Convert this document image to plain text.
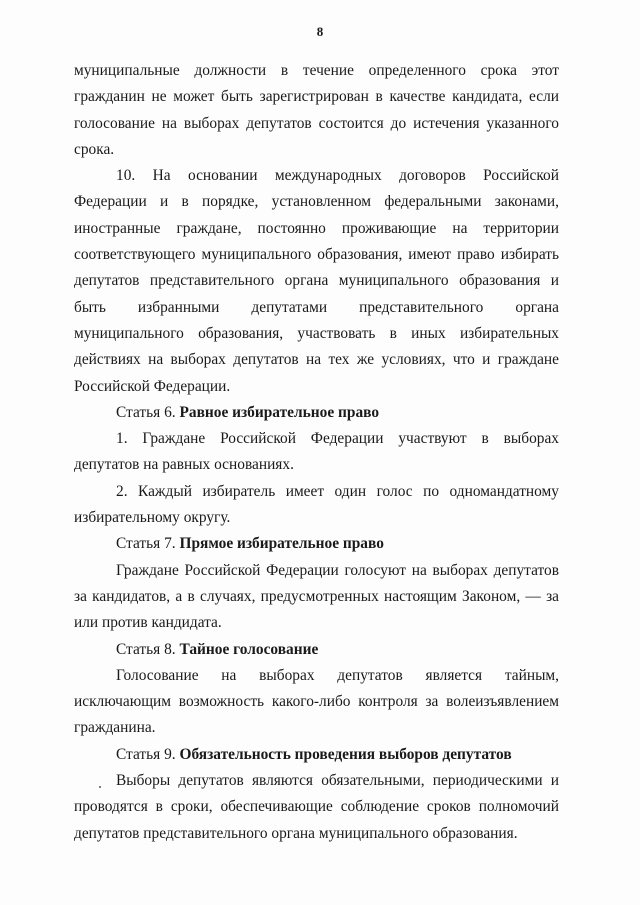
8

муниципальные должности в течение определенного срока этот гражданин не может быть зарегистрирован в качестве кандидата, если голосование на выборах депутатов состоится до истечения указанного срока.

10. На основании международных договоров Российской Федерации и в порядке, установленном федеральными законами, иностранные граждане, постоянно проживающие на территории соответствующего муниципального образования, имеют право избирать депутатов представительного органа муниципального образования и быть избранными депутатами представительного органа муниципального образования, участвовать в иных избирательных действиях на выборах депутатов на тех же условиях, что и граждане Российской Федерации.

Статья 6. Равное избирательное право

1. Граждане Российской Федерации участвуют в выборах депутатов на равных основаниях.

2. Каждый избиратель имеет один голос по одномандатному избирательному округу.

Статья 7. Прямое избирательное право

Граждане Российской Федерации голосуют на выборах депутатов за кандидатов, а в случаях, предусмотренных настоящим Законом, — за или против кандидата.

Статья 8. Тайное голосование

Голосование на выборах депутатов является тайным, исключающим возможность какого-либо контроля за волеизъявлением гражданина.

Статья 9. Обязательность проведения выборов депутатов

Выборы депутатов являются обязательными, периодическими и проводятся в сроки, обеспечивающие соблюдение сроков полномочий депутатов представительного органа муниципального образования.
